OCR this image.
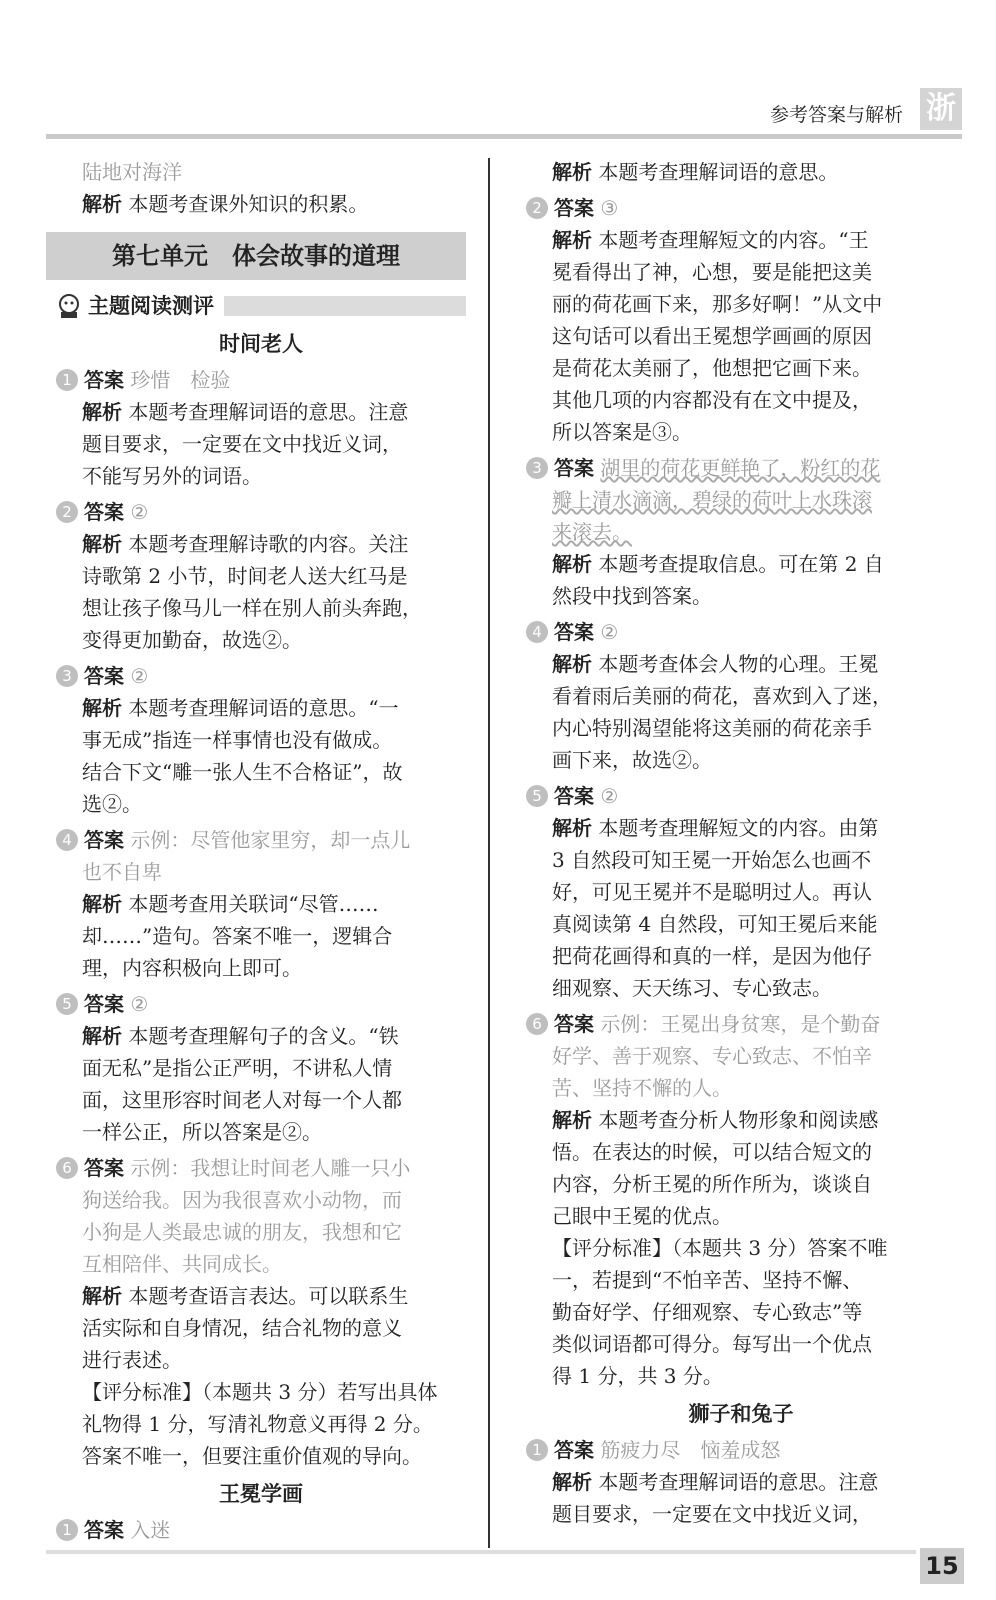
参考答案与解析 浙
陆地对海洋
解析 本题考查课外知识的积累。
第七单元　体会故事的道理
主题阅读测评
时间老人
1 答案 珍惜　检验
解析 本题考查理解词语的意思。注意
题目要求，一定要在文中找近义词，
不能写另外的词语。
2 答案 ②
解析 本题考查理解诗歌的内容。关注
诗歌第 2 小节，时间老人送大红马是
想让孩子像马儿一样在别人前头奔跑，
变得更加勤奋，故选②。
3 答案 ②
解析 本题考查理解词语的意思。“一
事无成”指连一样事情也没有做成。
结合下文“雕一张人生不合格证”，故
选②。
4 答案 示例：尽管他家里穷，却一点儿
也不自卑
解析 本题考查用关联词“尽管……
却……”造句。答案不唯一，逻辑合
理，内容积极向上即可。
5 答案 ②
解析 本题考查理解句子的含义。“铁
面无私”是指公正严明，不讲私人情
面，这里形容时间老人对每一个人都
一样公正，所以答案是②。
6 答案 示例：我想让时间老人雕一只小
狗送给我。因为我很喜欢小动物，而
小狗是人类最忠诚的朋友，我想和它
互相陪伴、共同成长。
解析 本题考查语言表达。可以联系生
活实际和自身情况，结合礼物的意义
进行表述。
【评分标准】（本题共 3 分）若写出具体
礼物得 1 分，写清礼物意义再得 2 分。
答案不唯一，但要注重价值观的导向。
王冕学画
1 答案 入迷
解析 本题考查理解词语的意思。
2 答案 ③
解析 本题考查理解短文的内容。“王
冕看得出了神，心想，要是能把这美
丽的荷花画下来，那多好啊！”从文中
这句话可以看出王冕想学画画的原因
是荷花太美丽了，他想把它画下来。
其他几项的内容都没有在文中提及，
所以答案是③。
3 答案 湖里的荷花更鲜艳了，粉红的花
瓣上清水滴滴，碧绿的荷叶上水珠滚
来滚去。
解析 本题考查提取信息。可在第 2 自
然段中找到答案。
4 答案 ②
解析 本题考查体会人物的心理。王冕
看着雨后美丽的荷花，喜欢到入了迷，
内心特别渴望能将这美丽的荷花亲手
画下来，故选②。
5 答案 ②
解析 本题考查理解短文的内容。由第
3 自然段可知王冕一开始怎么也画不
好，可见王冕并不是聪明过人。再认
真阅读第 4 自然段，可知王冕后来能
把荷花画得和真的一样，是因为他仔
细观察、天天练习、专心致志。
6 答案 示例：王冕出身贫寒，是个勤奋
好学、善于观察、专心致志、不怕辛
苦、坚持不懈的人。
解析 本题考查分析人物形象和阅读感
悟。在表达的时候，可以结合短文的
内容，分析王冕的所作所为，谈谈自
己眼中王冕的优点。
【评分标准】（本题共 3 分）答案不唯
一，若提到“不怕辛苦、坚持不懈、
勤奋好学、仔细观察、专心致志”等
类似词语都可得分。每写出一个优点
得 1 分，共 3 分。
狮子和兔子
1 答案 筋疲力尽　恼羞成怒
解析 本题考查理解词语的意思。注意
题目要求，一定要在文中找近义词，
15
